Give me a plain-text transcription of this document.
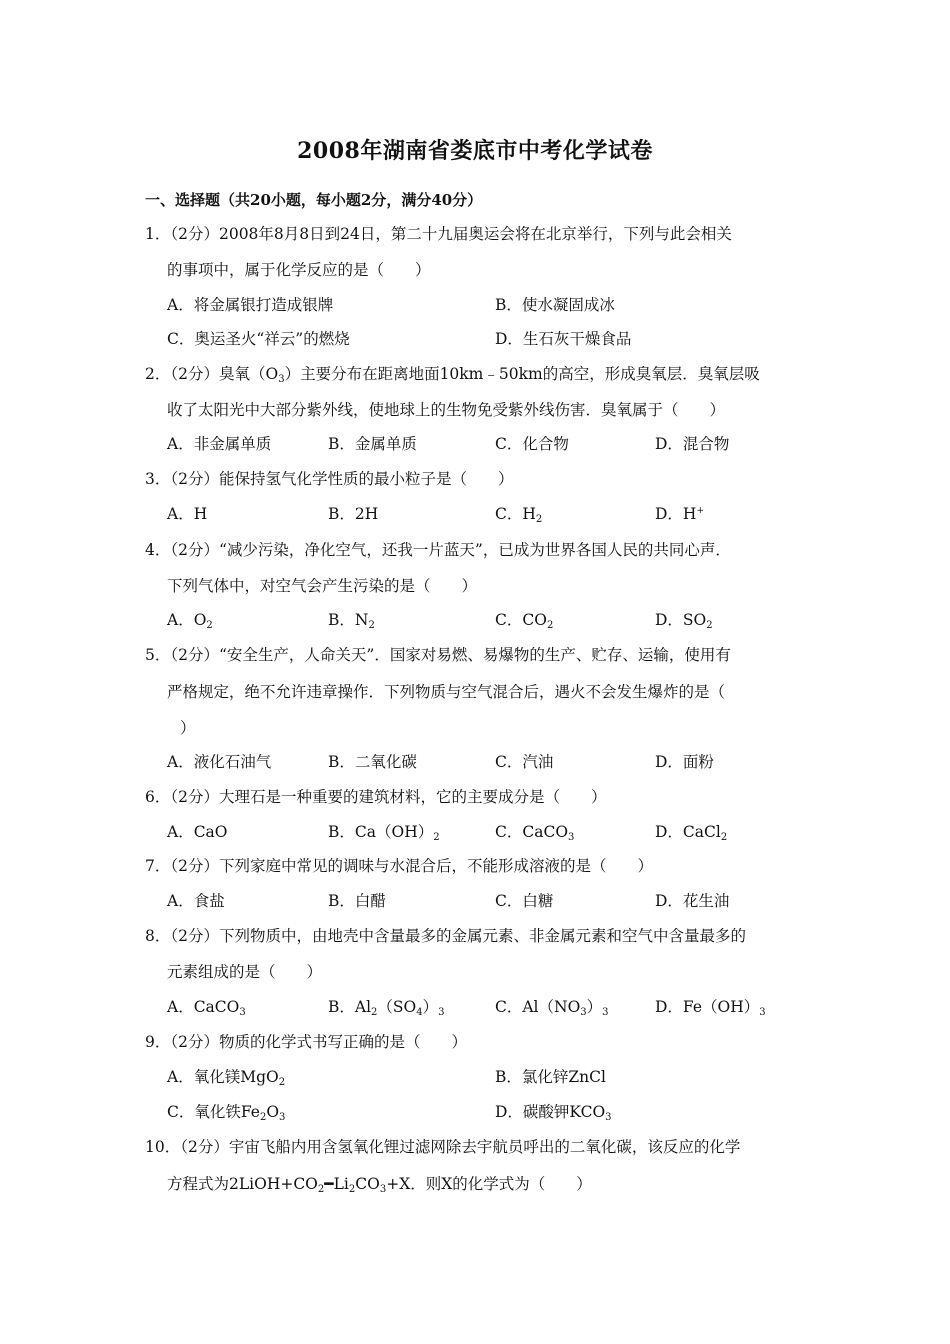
2008年湖南省娄底市中考化学试卷
一、选择题（共20小题，每小题2分，满分40分）
1．（2分）2008年8月8日到24日，第二十九届奥运会将在北京举行，下列与此会相关
的事项中，属于化学反应的是（　　）
A．将金属银打造成银牌	B．使水凝固成冰
C．奥运圣火“祥云”的燃烧	D．生石灰干燥食品
2．（2分）臭氧$(O_3)$主要分布在距离地面10km﹣50km的高空，形成臭氧层．臭氧层吸
收了太阳光中大部分紫外线，使地球上的生物免受紫外线伤害．臭氧属于（　　）
A．非金属单质	B．金属单质	C．化合物	D．混合物
3．（2分）能保持氢气化学性质的最小粒子是（　　）
A．H	B．2H	C．$H_2$	D．H+
4．（2分）“减少污染，净化空气，还我一片蓝天”，已成为世界各国人民的共同心声．
下列气体中，对空气会产生污染的是（　　）
A．$O_2$	B．$N_2$	C．$CO_2$	D．$SO_2$
5．（2分）“安全生产，人命关天”．国家对易燃、易爆物的生产、贮存、运输，使用有
严格规定，绝不允许违章操作．下列物质与空气混合后，遇火不会发生爆炸的是（
）
A．液化石油气	B．二氧化碳	C．汽油	D．面粉
6．（2分）大理石是一种重要的建筑材料，它的主要成分是（　　）
A．CaO	B．$Ca(OH)_2$	C．CaCO$_3$	D．CaCl$_2$
7．（2分）下列家庭中常见的调味与水混合后，不能形成溶液的是（　　）
A．食盐	B．白醋	C．白糖	D．花生油
8．（2分）下列物质中，由地壳中含量最多的金属元素、非金属元素和空气中含量最多的
元素组成的是（　　）
A．CaCO$_3$	B．$Al_2(SO_4)_3$	C．$Al(NO_3)_3$	D．$Fe(OH)_3$
9．（2分）物质的化学式书写正确的是（　　）
A．氧化镁MgO$_2$	B．氯化锌ZnCl
C．氧化铁$Fe_2O_3$	D．碳酸钾$KCO_3$
10．（2分）宇宙飞船内用含氢氧化锂过滤网除去宇航员呼出的二氧化碳，该反应的化学
方程式为$2LiOH+CO_2━Li_2CO_3+X$．则X的化学式为（　　）
